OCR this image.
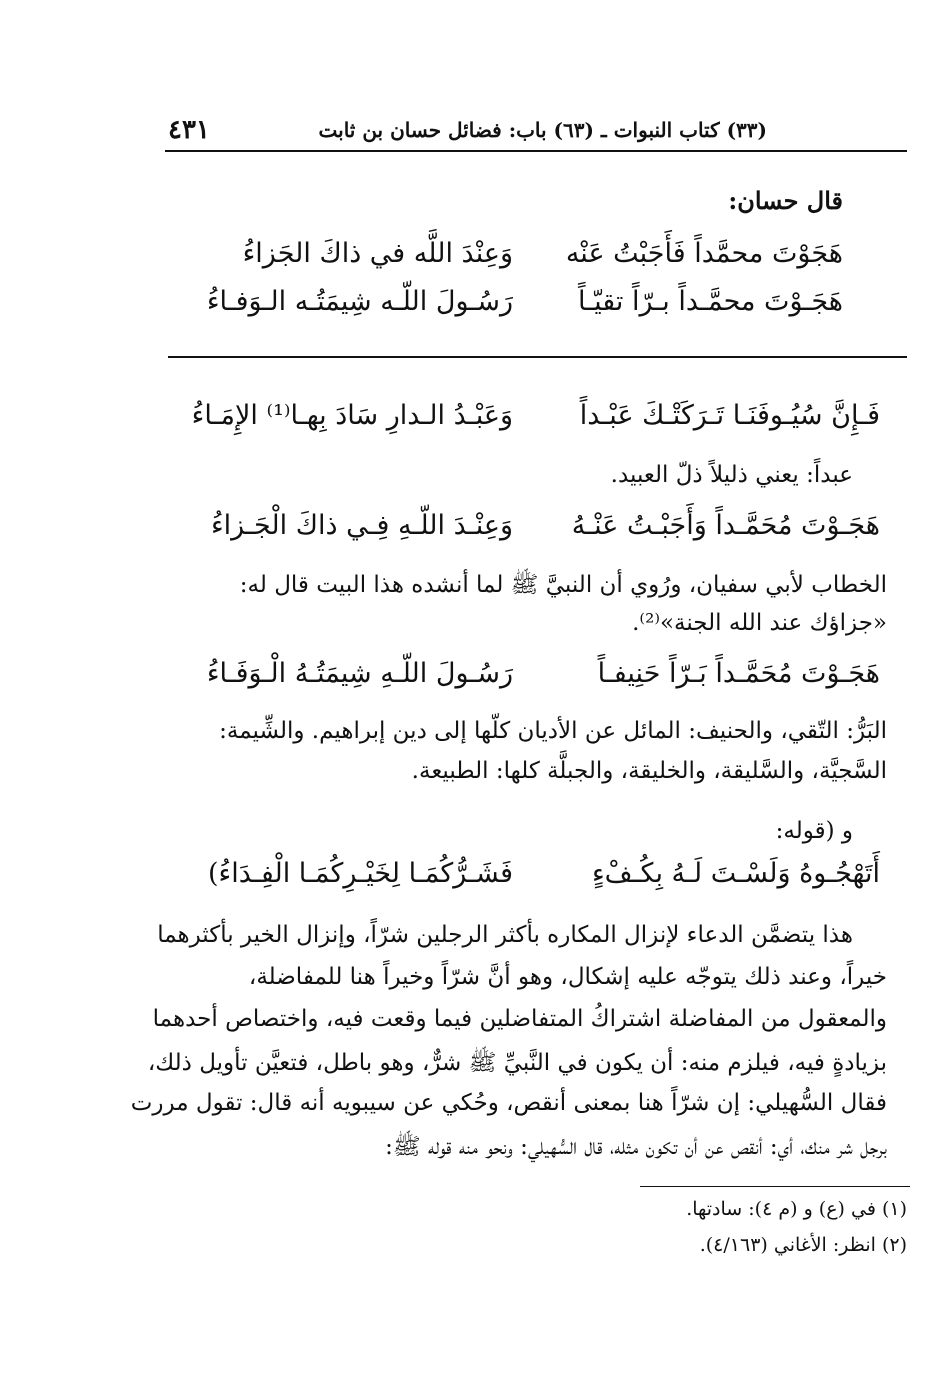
٤٣١	(٣٣) كتاب النبوات ـ (٦٣) باب: فضائل حسان بن ثابت
قال حسان:
هَجَوْتَ محمَّداً فَأَجَبْتُ عَنْه
وَعِنْدَ اللَّه في ذاكَ الجَزاءُ
هَجَـوْتَ محمَّـداً بـرّاً تقيّـاً
رَسُـولَ اللّـه شِيمَتُـه الـوَفـاءُ
فَـإِنَّ سُيُـوفَنَـا تَـرَكَتْـكَ عَبْـداً
وَعَبْـدُ الـدارِ سَادَ بِهـا⁽¹⁾ الإِمَـاءُ
عبداً: يعني ذليلاً ذلّ العبيد.
هَجَـوْتَ مُحَمَّـداً وَأَجَبْـتُ عَنْـهُ
وَعِنْـدَ اللّـهِ فِـي ذاكَ الْجَـزاءُ
الخطاب لأبي سفيان، ورُوي أن النبيَّ ﷺ لما أنشده هذا البيت قال له:
«جزاؤك عند الله الجنة»⁽²⁾.
هَجَـوْتَ مُحَمَّـداً بَـرّاً حَنِيفـاً
رَسُـولَ اللّـهِ شِيمَتُـهُ الْـوَفَـاءُ
البَرُّ: التّقي، والحنيف: المائل عن الأديان كلّها إلى دين إبراهيم. والشِّيمة:
السَّجيَّة، والسَّليقة، والخليقة، والجبلَّة كلها: الطبيعة.
و (قوله:
أَتَهْجُـوهُ وَلَسْـتَ لَـهُ بِكُـفْءٍ
فَشَـرُّكُمَـا لِخَيْـرِكُمَـا الْفِـدَاءُ)
هذا يتضمَّن الدعاء لإنزال المكاره بأكثر الرجلين شرّاً، وإنزال الخير بأكثرهما
خيراً، وعند ذلك يتوجّه عليه إشكال، وهو أنَّ شرّاً وخيراً هنا للمفاضلة،
والمعقول من المفاضلة اشتراكُ المتفاضلين فيما وقعت فيه، واختصاص أحدهما
بزيادةٍ فيه، فيلزم منه: أن يكون في النَّبيِّ ﷺ شرٌّ، وهو باطل، فتعيَّن تأويل ذلك،
فقال السُّهيلي: إن شرّاً هنا بمعنى أنقص، وحُكي عن سيبويه أنه قال: تقول مررت
برجل شر منك، أي: أنقص عن أن تكون مثله، قال السُّهيلي: ونحو منه قوله ﷺ:
(١) في (ع) و (م ٤): سادتها.
(٢) انظر: الأغاني (٤/١٦٣).
